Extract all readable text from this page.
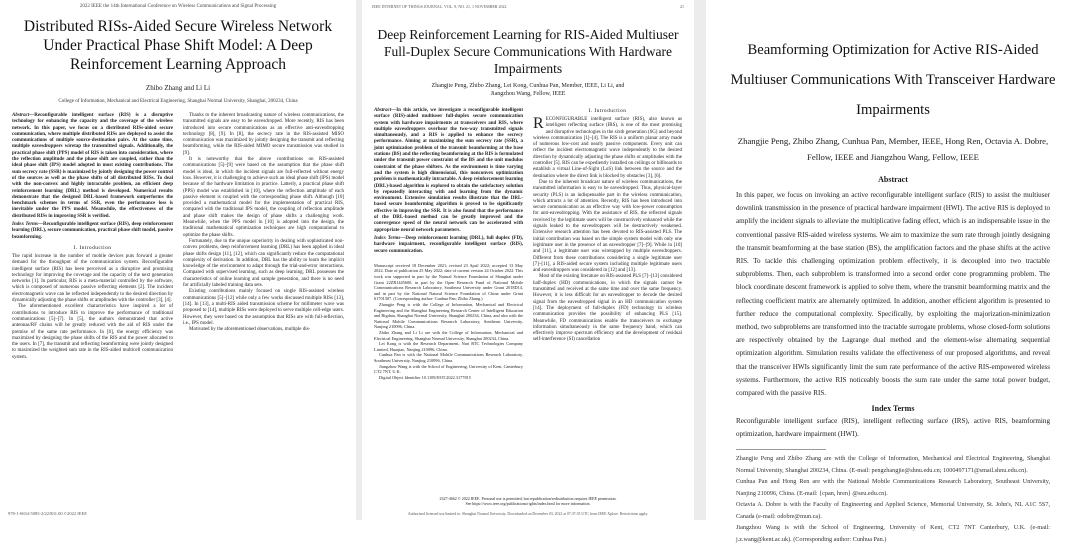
2022 IEEE the 14th International Conference on Wireless Communications and Signal Processing
Distributed RISs-Aided Secure Wireless Network Under Practical Phase Shift Model: A Deep Reinforcement Learning Approach
Zhibo Zhang and Li Li
College of Information, Mechanical and Electrical Engineering, Shanghai Normal University, Shanghai, 200234, China
Abstract—Reconfigurable intelligent surface (RIS) is a disruptive technology for enhancing the capacity and the coverage of the wireless network. In this paper, we focus on a distributed RISs-aided secure communication, where multiple distributed RISs are deployed to assist the communications of multiple source-destination pairs. At the same time, multiple eavesdroppers wiretap the transmitted signals. Additionally, the practical phase shift (PPS) model of RIS is taken into consideration, where the reflection amplitude and the phase shift are coupled, rather than the ideal phase shift (IPS) model adopted in most existing contributions. The sum secrecy rate (SSR) is maximized by jointly designing the power control of the sources as well as the phase shifts of all distributed RISs. To deal with the non-convex and highly intractable problem, an efficient deep reinforcement learning (DRL) method is developed. Numerical results demonstrate that the designed DRL-based framework outperforms the benchmark schemes in terms of SSR, even the performance loss is inevitable under the PPS model. Meanwhile, the effectiveness of the distributed RISs in improving SSR is verified.
Index Terms—Reconfigurable intelligent surface (RIS), deep reinforcement learning (DRL), secure communication, practical phase shift model, passive beamforming.
I. Introduction
The rapid increase in the number of mobile devices puts forward a greater demand for the throughput of the communication system. Reconfigurable intelligent surface (RIS) has been perceived as a disruptive and promising technology for improving the coverage and the capacity of the next generation networks [1]. In particular, RIS is a meta-material controlled by the software, which is composed of numerous passive reflecting elements [2]. The incident electromagnetic wave can be reflected independently to the desired direction by dynamically adjusting the phase shifts or amplitudes with the controller [3], [4].
The aforementioned excellent characteristics have inspired a lot of contributions to introduce RIS to improve the performance of traditional communications [5]–[7]. In [5], the authors demonstrated that active antennas/RF chains will be greatly reduced with the aid of RIS under the premise of the same rate performance. In [6], the energy efficiency was maximized by designing the phase shifts of the RIS and the power allocated to the users. In [7], the transmit and reflecting beamforming were jointly designed to maximized the weighted sum rate in the RIS-aided multicell communication system.
Thanks to the inherent broadcasting nature of wireless communications, the transmitted signals are easy to be eavesdropped. More recently, RIS has been introduced into secure communications as an effective anti-eavesdropping technology [8], [9]. In [8], the secrecy rate in the RIS-assisted MISO communication was maximized by jointly designing the transmit and reflecting beamforming, while the RIS-aided MIMO secure transmission was studied in [9].
It is noteworthy that the above contributions on RIS-assisted communications [5]–[9] were based on the assumption that the phase shift model is ideal, in which the incident signals are full-reflected without energy loss. However, it is challenging to achieve such an ideal phase shift (IPS) model because of the hardware limitation in practice. Latterly, a practical phase shift (PPS) model was established in [10], where the reflection amplitude of each passive element is coupled with the corresponding phase shift. Although [10] provided a mathematical model for the implementation of practical RIS, compared with the traditional IPS model, the coupling of reflection amplitude and phase shift makes the design of phase shifts a challenging work. Meanwhile, when the PPS model in [10] is adopted into the design, the traditional mathematical optimization techniques are high computational to optimize the phase shifts.
Fortunately, due to the unique superiority in dealing with sophisticated non-convex problems, deep reinforcement learning (DRL) has been applied in ideal phase shifts design [11], [12], which can significantly reduce the computational complexity of derivation. In addition, DRL has the ability to learn the implicit knowledge of the environment to adapt through the trial-and-error interactions. Compared with supervised learning, such as deep learning, DRL possesses the characteristics of online learning and sample generation, and there is no need for artificially labeled training data sets.
Existing contributions mainly focused on single RIS-assisted wireless communications [5]–[12] while only a few works discussed multiple RISs [13], [14]. In [13], a multi-RIS aided transmission scheme for millimeter wave was proposed to [14], multiple RISs were deployed to serve multiple cell-edge users. However, they were based on the assumption that RISs are with full-reflection, i.e., IPS model.
Motivated by the aforementioned observations, multiple dis-
978-1-6654-5085-2/22/$31.00 ©2022 IEEE
IEEE INTERNET OF THINGS JOURNAL, VOL. 9, NO. 21, 1 NOVEMBER 2022	21
Deep Reinforcement Learning for RIS-Aided Multiuser Full-Duplex Secure Communications With Hardware Impairments
Zhangjie Peng, Zhibo Zhang, Lei Kong, Cunhua Pan, Member, IEEE, Li Li, and Jiangzhou Wang, Fellow, IEEE
Abstract—In this article, we investigate a reconfigurable intelligent surface (RIS)-aided multiuser full-duplex secure communication system with hardware impairments at transceivers and RIS, where multiple eavesdroppers overhear the two-way transmitted signals simultaneously, and a RIS is applied to enhance the secrecy performance. Aiming at maximizing the sum secrecy rate (SSR), a joint optimization problem of the transmit beamforming at the base stations (BS) and the reflecting beamforming at the RIS is formulated under the transmit power constraint of the BS and the unit modulus constraint of the phase shifters. As the environment is time varying and the system is high dimensional, this nonconvex optimization problem is mathematically intractable. A deep reinforcement learning (DRL)-based algorithm is explored to obtain the satisfactory solution by repeatedly interacting with and learning from the dynamic environment. Extensive simulation results illustrate that the DRL-based secure beamforming algorithm is proved to be significantly effective in improving the SSR. It is also found that the performance of the DRL-based method can be greatly improved and the convergence speed of the neural network can be accelerated with appropriate neural network parameters.
Index Terms—Deep reinforcement learning (DRL), full duplex (FD), hardware impairment, reconfigurable intelligent surface (RIS), secure communication.
Manuscript received 18 December 2021; revised 23 April 2022; accepted 13 May 2022. Date of publication 25 May 2022; date of current version 24 October 2022. This work was supported in part by the Natural Science Foundation of Shanghai under Grant 22ZR1445600, in part by the Open Research Fund of National Mobile Communications Research Laboratory, Southeast University under Grant 2018D14, and in part by the National Natural Science Foundation of China under Grant 61701307. (Corresponding author: Cunhua Pan; Zhibo Zhang.)
Zhangjie Peng is with the College of Information, Mechanical and Electrical Engineering and the Shanghai Engineering Research Center of Intelligent Education and Bigdata, Shanghai Normal University, Shanghai 200234, China, and also with the National Mobile Communications Research Laboratory, Southeast University, Nanjing 210096, China.
Zhibo Zhang and Li Li are with the College of Information, Mechanical and Electrical Engineering, Shanghai Normal University, Shanghai 200234, China.
Lei Kong is with the Research Department, Nari RTC Technologies Company Limited, Huaqiao, Nanjing 210096, China.
Cunhua Pan is with the National Mobile Communications Research Laboratory, Southeast University, Nanjing 210096, China.
Jiangzhou Wang is with the School of Engineering, University of Kent, Canterbury CT2 7NT, U.K.
Digital Object Identifier 10.1109/JIOT.2022.3177815
I. Introduction
RECONFIGURABLE intelligent surface (RIS), also known as intelligent reflecting surface (IRS), is one of the most promising and disruptive technologies in the sixth generation (6G) and beyond wireless communication [1]–[4]. The RIS is a uniform planar array made of numerous low-cost and nearly passive components. Every unit can reflect the incident electromagnetic wave independently to the desired direction by dynamically adjusting the phase shifts or amplitudes with the controller [5]. RIS can be expediently installed on ceilings or billboards to establish a virtual Line-of-Sight (LoS) link between the source and the destination where the direct link is blocked by obstacles [3], [6].
Due to the inherent broadcast nature of wireless communications, the transmitted information is easy to be eavesdropped. Thus, physical-layer security (PLS) is an indispensable part in the wireless communication, which attracts a lot of attention. Recently, RIS has been introduced into secure communication as an effective way with low-power consumption for anti-eavesdropping. With the assistance of RIS, the reflected signals received by the legitimate users will be constructively enhanced while the signals leaked to the eavesdroppers will be destructively weakened. Extensive research attention has been devoted to RIS-assisted PLS. The initial contribution was based on the simple system model with only one legitimate user in the presence of an eavesdropper [7]–[9]. While in [10] and [11], a legitimate user was wiretapped by multiple eavesdroppers. Different from these contributions considering a single legitimate user [7]–[11], a RIS-aided secure system including multiple legitimate users and eavesdroppers was considered in [12] and [13].
Most of the existing literature on RIS-assisted PLS [7]–[13] considered half-duplex (HD) communications, in which the signals cannot be transmitted and received at the same time and over the same frequency. However, it is less difficult for an eavesdropper to decode the desired signal from the eavesdropped signal in an HD communication system [14]. The deployment of full-duplex (FD) technology in wireless communication provides the possibility of enhancing PLS [15]. Meanwhile, FD communications enable the transceivers to exchange information simultaneously in the same frequency band, which can effectively improve spectrum efficiency and the development of residual self-interference (SI) cancellation
2327-4662 © 2022 IEEE. Personal use is permitted, but republication/redistribution requires IEEE permission.
See https://www.ieee.org/publications/rights/index.html for more information.
Authorized licensed use limited to: Shanghai Normal University. Downloaded on December 03, 2022 at 07:37:35 UTC from IEEE Xplore. Restrictions apply.
Beamforming Optimization for Active RIS-Aided Multiuser Communications With Transceiver Hardware Impairments
Zhangjie Peng, Zhibo Zhang, Cunhua Pan, Member, IEEE, Hong Ren, Octavia A. Dobre, Fellow, IEEE and Jiangzhou Wang, Fellow, IEEE
Abstract
In this paper, we focus on invoking an active reconfigurable intelligent surface (RIS) to assist the multiuser downlink transmission in the presence of practical hardware impairment (HWI). The active RIS is deployed to amplify the incident signals to alleviate the multiplicative fading effect, which is an indispensable issue in the conventional passive RIS-aided wireless systems. We aim to maximize the sum rate through jointly designing the transmit beamforming at the base station (BS), the amplification factors and the phase shifts at the active RIS. To tackle this challenging optimization problem effectively, it is decoupled into two tractable subproblems. Then, each subproblem is transformed into a second order cone programming problem. The block coordinate descent framework is applied to solve them, where the transmit beamforming matrix and the reflecting coefficient matrix are alternately optimized. In addition, another efficient algorithm is presented to further reduce the computational complexity. Specifically, by exploiting the majorization-minimization method, two subproblems are transformed into the tractable surrogate problems, whose closed-form solutions are respectively obtained by the Lagrange dual method and the element-wise alternating sequential optimization algorithm. Simulation results validate the effectiveness of our proposed algorithms, and reveal that the transceiver HWIs significantly limit the sum rate performance of the active RIS-empowered wireless systems. Furthermore, the active RIS noticeably boosts the sum rate under the same total power budget, compared with the passive RIS.
Index Terms
Reconfigurable intelligent surface (RIS), intelligent reflecting surface (IRS), active RIS, beamforming optimization, hardware impairment (HWI).
Zhangjie Peng and Zhibo Zhang are with the College of Information, Mechanical and Electrical Engineering, Shanghai Normal University, Shanghai 200234, China. (E-mail: pengzhangjie@shnu.edu.cn; 1000497171@smail.shnu.edu.cn).
Cunhua Pan and Hong Ren are with the National Mobile Communications Research Laboratory, Southeast University, Nanjing 210096, China. (E-mail: {cpan, hren} @seu.edu.cn).
Octavia A. Dobre is with the Faculty of Engineering and Applied Science, Memorial University, St. John's, NL A1C 5S7, Canada (e-mail: odobre@mun.ca).
Jiangzhou Wang is with the School of Engineering, University of Kent, CT2 7NT Canterbury, U.K. (e-mail: j.z.wang@kent.ac.uk). (Corresponding author: Cunhua Pan.)
